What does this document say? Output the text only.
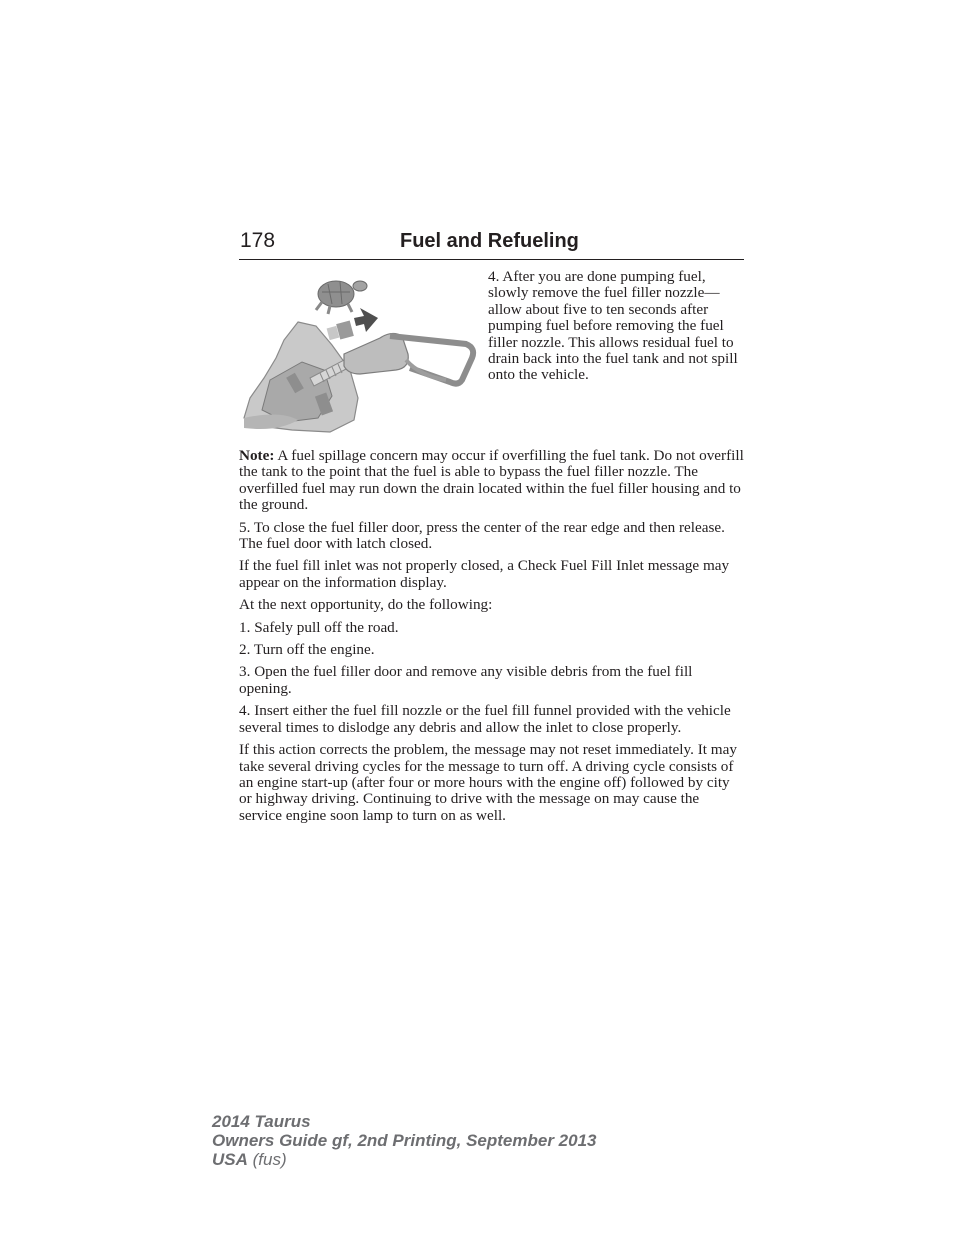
178	Fuel and Refueling
4. After you are done pumping fuel, slowly remove the fuel filler nozzle—allow about five to ten seconds after pumping fuel before removing the fuel filler nozzle. This allows residual fuel to drain back into the fuel tank and not spill onto the vehicle.

Note: A fuel spillage concern may occur if overfilling the fuel tank. Do not overfill the tank to the point that the fuel is able to bypass the fuel filler nozzle. The overfilled fuel may run down the drain located within the fuel filler housing and to the ground.

5. To close the fuel filler door, press the center of the rear edge and then release. The fuel door with latch closed.

If the fuel fill inlet was not properly closed, a Check Fuel Fill Inlet message may appear on the information display.

At the next opportunity, do the following:

1. Safely pull off the road.

2. Turn off the engine.

3. Open the fuel filler door and remove any visible debris from the fuel fill opening.

4. Insert either the fuel fill nozzle or the fuel fill funnel provided with the vehicle several times to dislodge any debris and allow the inlet to close properly.

If this action corrects the problem, the message may not reset immediately. It may take several driving cycles for the message to turn off. A driving cycle consists of an engine start-up (after four or more hours with the engine off) followed by city or highway driving. Continuing to drive with the message on may cause the service engine soon lamp to turn on as well.

2014 Taurus
Owners Guide gf, 2nd Printing, September 2013
USA (fus)
